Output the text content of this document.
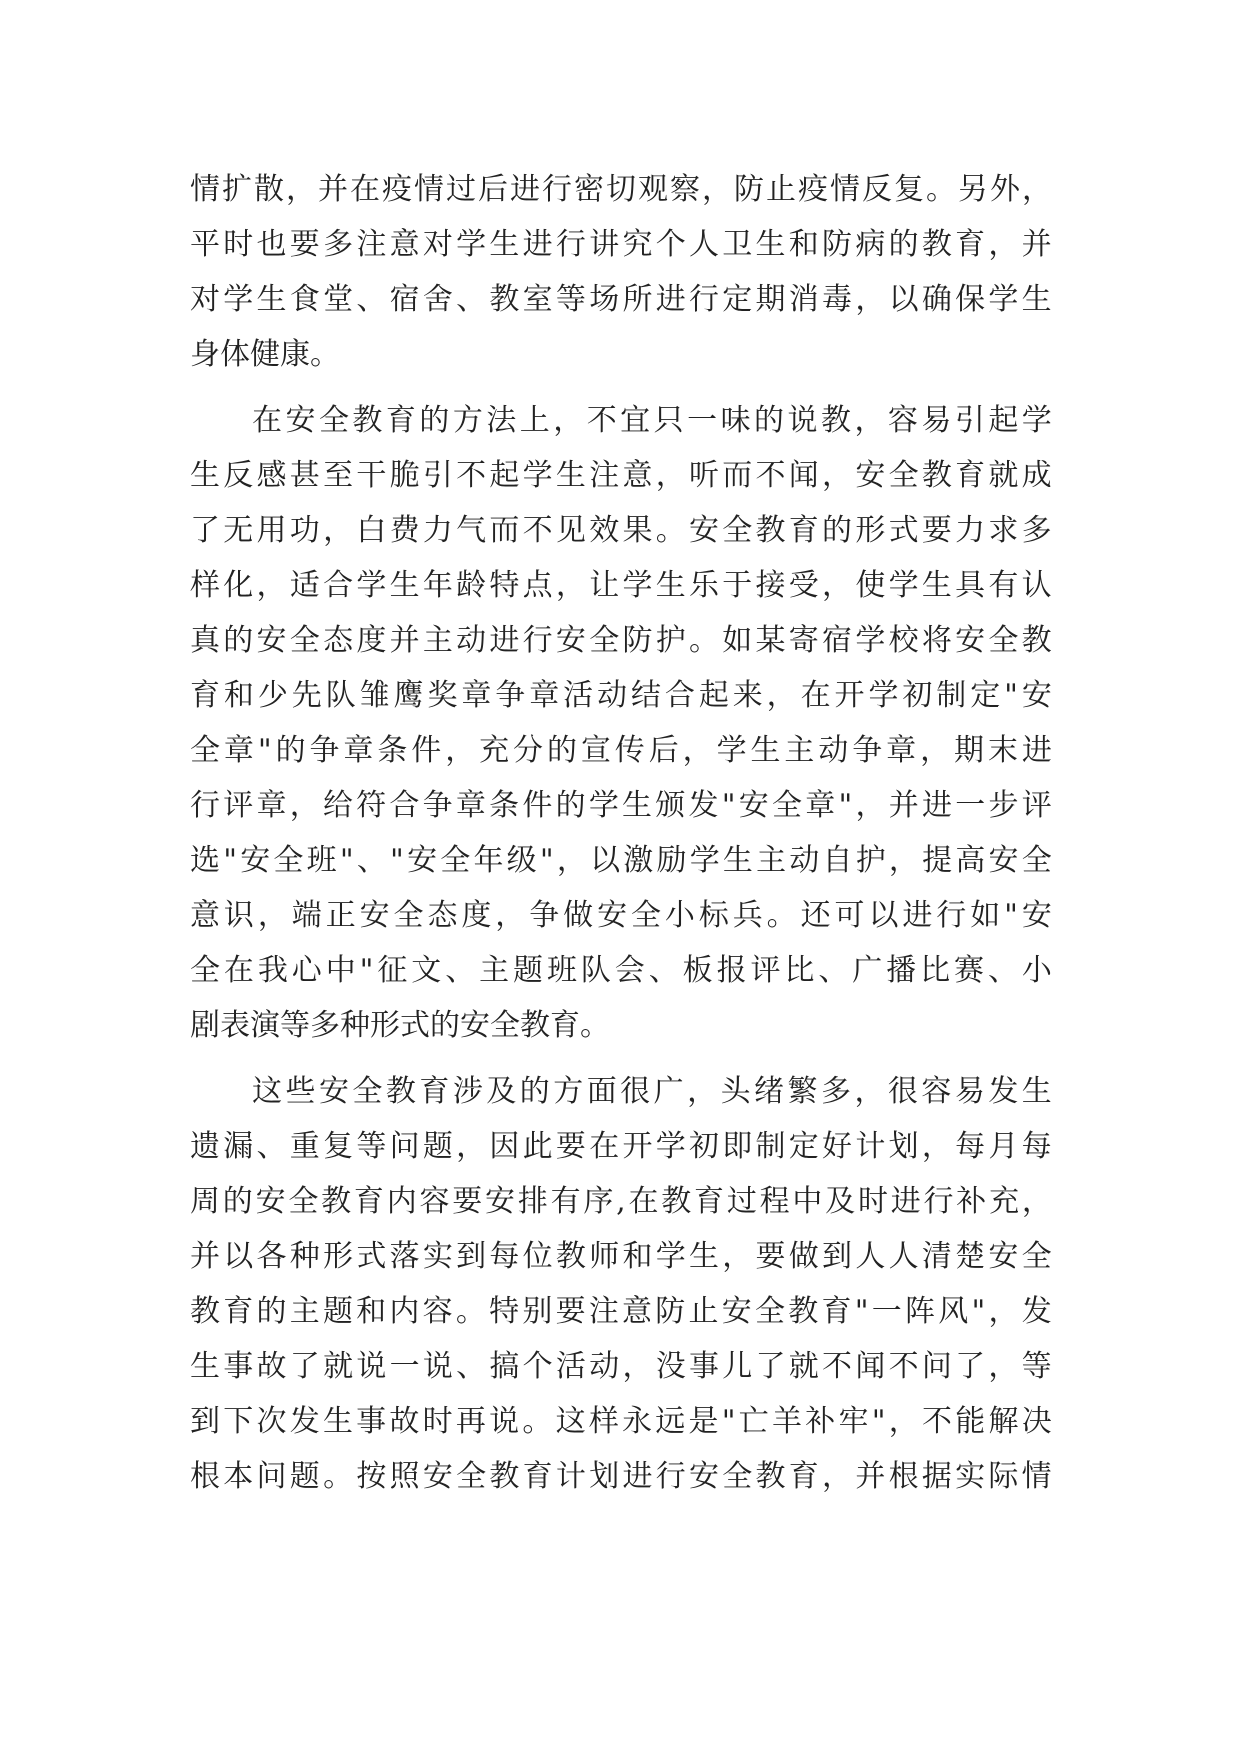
情 扩 散 ， 并 在 疫 情 过 后 进 行 密 切 观 察 ， 防 止 疫 情 反 复 。 另 外 ，
平 时 也 要 多 注 意 对 学 生 进 行 讲 究 个 人 卫 生 和 防 病 的 教 育 ， 并
对 学 生 食 堂 、 宿 舍 、 教 室 等 场 所 进 行 定 期 消 毒 ， 以 确 保 学 生
身体健康。
在 安 全 教 育 的 方 法 上 ， 不 宜 只 一 味 的 说 教 ， 容 易 引 起 学
生 反 感 甚 至 干 脆 引 不 起 学 生 注 意 ， 听 而 不 闻 ， 安 全 教 育 就 成
了 无 用 功 ， 白 费 力 气 而 不 见 效 果 。 安 全 教 育 的 形 式 要 力 求 多
样 化 ， 适 合 学 生 年 龄 特 点 ， 让 学 生 乐 于 接 受 ， 使 学 生 具 有 认
真 的 安 全 态 度 并 主 动 进 行 安 全 防 护 。 如 某 寄 宿 学 校 将 安 全 教
育 和 少 先 队 雏 鹰 奖 章 争 章 活 动 结 合 起 来 ， 在 开 学 初 制 定 " 安
全 章 " 的 争 章 条 件 ， 充 分 的 宣 传 后 ， 学 生 主 动 争 章 ， 期 末 进
行 评 章 ， 给 符 合 争 章 条 件 的 学 生 颁 发 " 安 全 章 " ， 并 进 一 步 评
选 " 安 全 班 " 、 " 安 全 年 级 " ， 以 激 励 学 生 主 动 自 护 ， 提 高 安 全
意 识 ， 端 正 安 全 态 度 ， 争 做 安 全 小 标 兵 。 还 可 以 进 行 如 " 安
全 在 我 心 中 " 征 文 、 主 题 班 队 会 、 板 报 评 比 、 广 播 比 赛 、 小
剧表演等多种形式的安全教育。
这 些 安 全 教 育 涉 及 的 方 面 很 广 ， 头 绪 繁 多 ， 很 容 易 发 生
遗 漏 、 重 复 等 问 题 ， 因 此 要 在 开 学 初 即 制 定 好 计 划 ， 每 月 每
周 的 安 全 教 育 内 容 要 安 排 有 序 , 在 教 育 过 程 中 及 时 进 行 补 充 ，
并 以 各 种 形 式 落 实 到 每 位 教 师 和 学 生 ， 要 做 到 人 人 清 楚 安 全
教 育 的 主 题 和 内 容 。 特 别 要 注 意 防 止 安 全 教 育 " 一 阵 风 " ， 发
生 事 故 了 就 说 一 说 、 搞 个 活 动 ， 没 事 儿 了 就 不 闻 不 问 了 ， 等
到 下 次 发 生 事 故 时 再 说 。 这 样 永 远 是 " 亡 羊 补 牢 " ， 不 能 解 决
根 本 问 题 。 按 照 安 全 教 育 计 划 进 行 安 全 教 育 ， 并 根 据 实 际 情
